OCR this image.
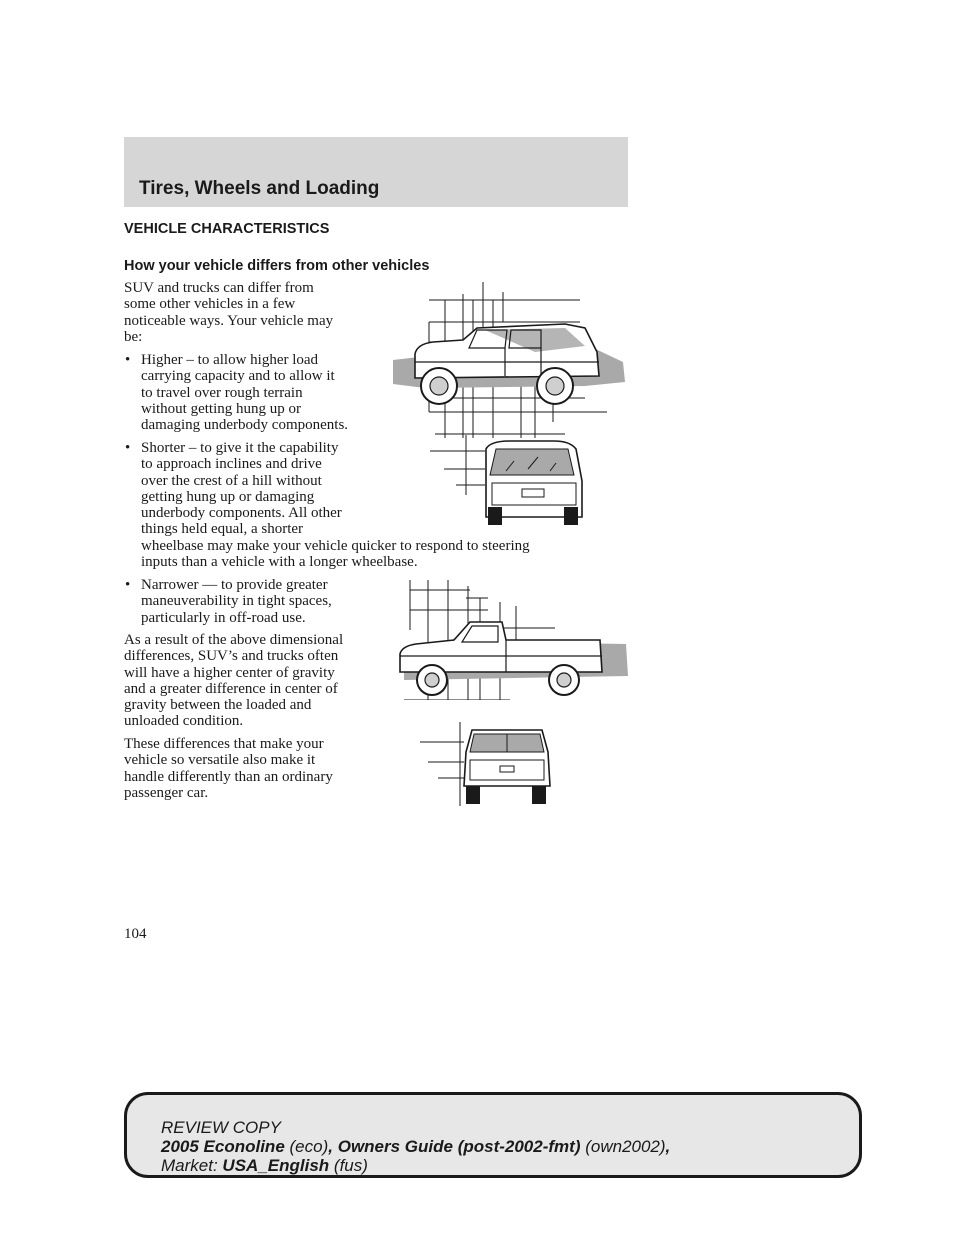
Tires, Wheels and Loading
VEHICLE CHARACTERISTICS
How your vehicle differs from other vehicles
SUV and trucks can differ from
some other vehicles in a few
noticeable ways. Your vehicle may
be:
• Higher – to allow higher load
carrying capacity and to allow it
to travel over rough terrain
without getting hung up or
damaging underbody components.
• Shorter – to give it the capability
to approach inclines and drive
over the crest of a hill without
getting hung up or damaging
underbody components. All other
things held equal, a shorter
wheelbase may make your vehicle quicker to respond to steering
inputs than a vehicle with a longer wheelbase.
• Narrower — to provide greater
maneuverability in tight spaces,
particularly in off-road use.
As a result of the above dimensional
differences, SUV’s and trucks often
will have a higher center of gravity
and a greater difference in center of
gravity between the loaded and
unloaded condition.
These differences that make your
vehicle so versatile also make it
handle differently than an ordinary
passenger car.
104
REVIEW COPY
2005 Econoline (eco), Owners Guide (post-2002-fmt) (own2002),
Market: USA_English (fus)
